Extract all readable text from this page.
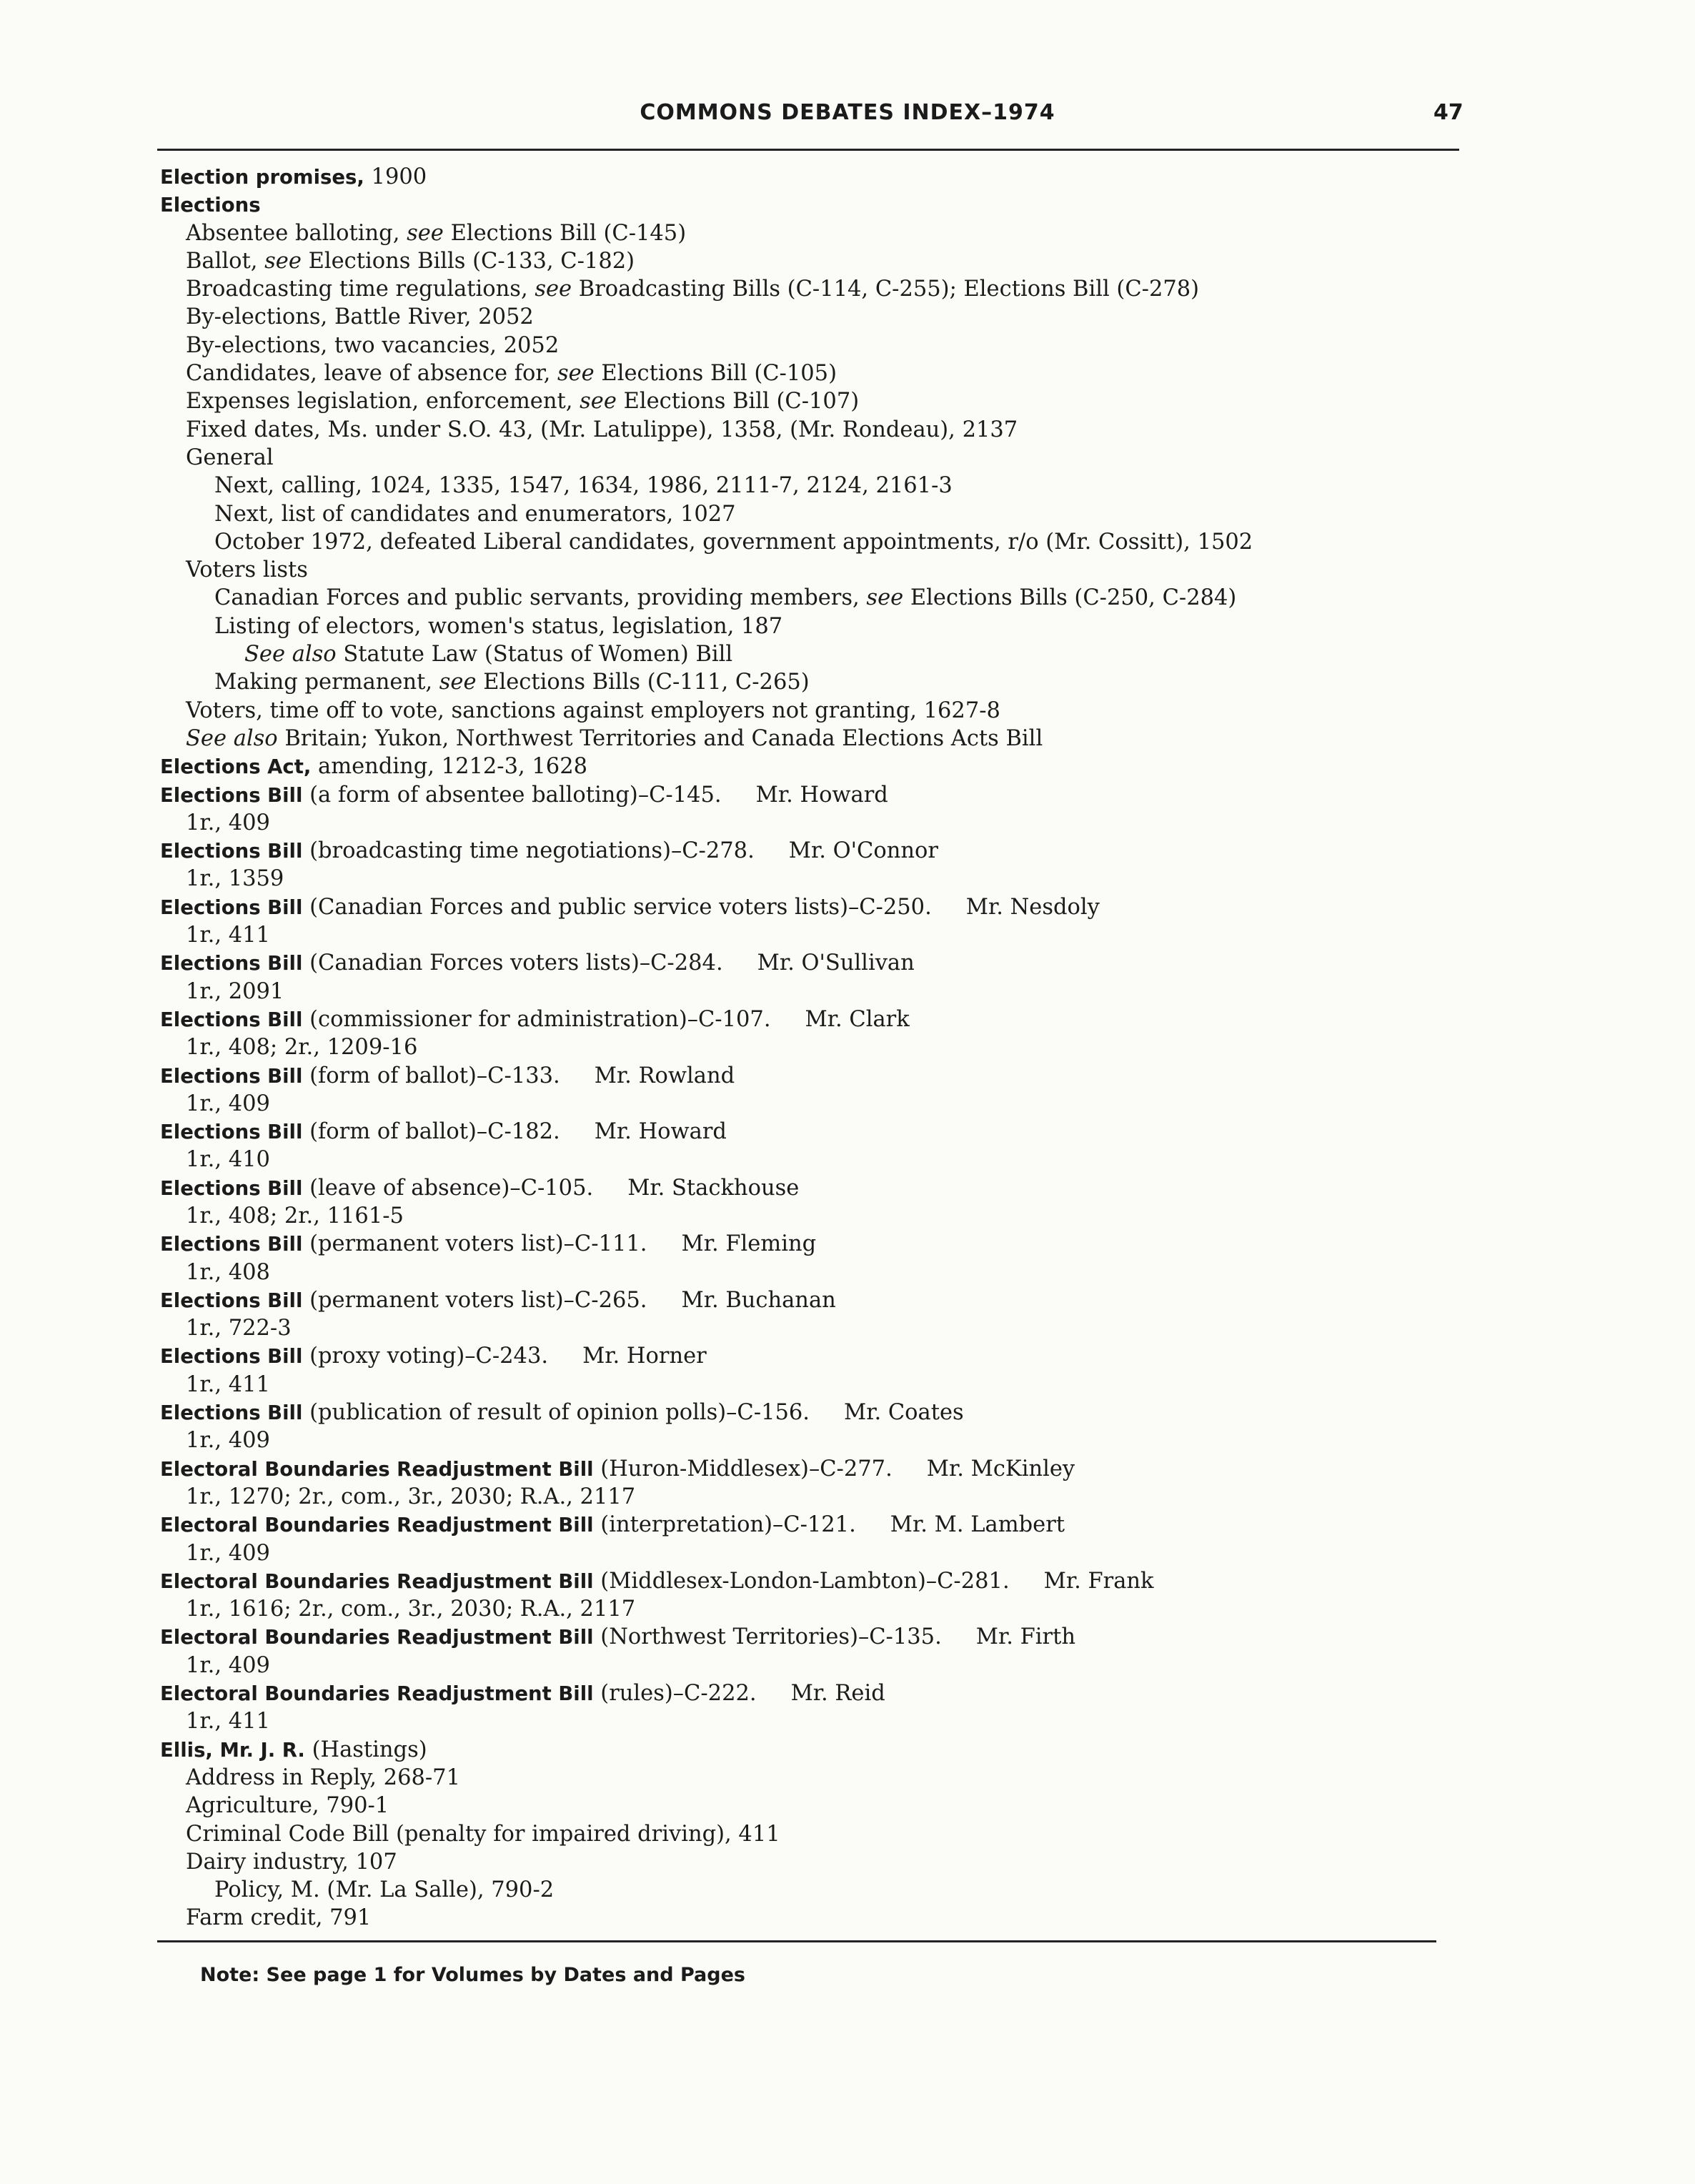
COMMONS DEBATES INDEX–1974	47
Election promises, 1900
Elections
Absentee balloting, see Elections Bill (C-145)
Ballot, see Elections Bills (C-133, C-182)
Broadcasting time regulations, see Broadcasting Bills (C-114, C-255); Elections Bill (C-278)
By-elections, Battle River, 2052
By-elections, two vacancies, 2052
Candidates, leave of absence for, see Elections Bill (C-105)
Expenses legislation, enforcement, see Elections Bill (C-107)
Fixed dates, Ms. under S.O. 43, (Mr. Latulippe), 1358, (Mr. Rondeau), 2137
General
Next, calling, 1024, 1335, 1547, 1634, 1986, 2111-7, 2124, 2161-3
Next, list of candidates and enumerators, 1027
October 1972, defeated Liberal candidates, government appointments, r/o (Mr. Cossitt), 1502
Voters lists
Canadian Forces and public servants, providing members, see Elections Bills (C-250, C-284)
Listing of electors, women's status, legislation, 187
See also Statute Law (Status of Women) Bill
Making permanent, see Elections Bills (C-111, C-265)
Voters, time off to vote, sanctions against employers not granting, 1627-8
See also Britain; Yukon, Northwest Territories and Canada Elections Acts Bill
Elections Act, amending, 1212-3, 1628
Elections Bill (a form of absentee balloting)–C-145. Mr. Howard
1r., 409
Elections Bill (broadcasting time negotiations)–C-278. Mr. O'Connor
1r., 1359
Elections Bill (Canadian Forces and public service voters lists)–C-250. Mr. Nesdoly
1r., 411
Elections Bill (Canadian Forces voters lists)–C-284. Mr. O'Sullivan
1r., 2091
Elections Bill (commissioner for administration)–C-107. Mr. Clark
1r., 408; 2r., 1209-16
Elections Bill (form of ballot)–C-133. Mr. Rowland
1r., 409
Elections Bill (form of ballot)–C-182. Mr. Howard
1r., 410
Elections Bill (leave of absence)–C-105. Mr. Stackhouse
1r., 408; 2r., 1161-5
Elections Bill (permanent voters list)–C-111. Mr. Fleming
1r., 408
Elections Bill (permanent voters list)–C-265. Mr. Buchanan
1r., 722-3
Elections Bill (proxy voting)–C-243. Mr. Horner
1r., 411
Elections Bill (publication of result of opinion polls)–C-156. Mr. Coates
1r., 409
Electoral Boundaries Readjustment Bill (Huron-Middlesex)–C-277. Mr. McKinley
1r., 1270; 2r., com., 3r., 2030; R.A., 2117
Electoral Boundaries Readjustment Bill (interpretation)–C-121. Mr. M. Lambert
1r., 409
Electoral Boundaries Readjustment Bill (Middlesex-London-Lambton)–C-281. Mr. Frank
1r., 1616; 2r., com., 3r., 2030; R.A., 2117
Electoral Boundaries Readjustment Bill (Northwest Territories)–C-135. Mr. Firth
1r., 409
Electoral Boundaries Readjustment Bill (rules)–C-222. Mr. Reid
1r., 411
Ellis, Mr. J. R. (Hastings)
Address in Reply, 268-71
Agriculture, 790-1
Criminal Code Bill (penalty for impaired driving), 411
Dairy industry, 107
Policy, M. (Mr. La Salle), 790-2
Farm credit, 791
Note: See page 1 for Volumes by Dates and Pages
